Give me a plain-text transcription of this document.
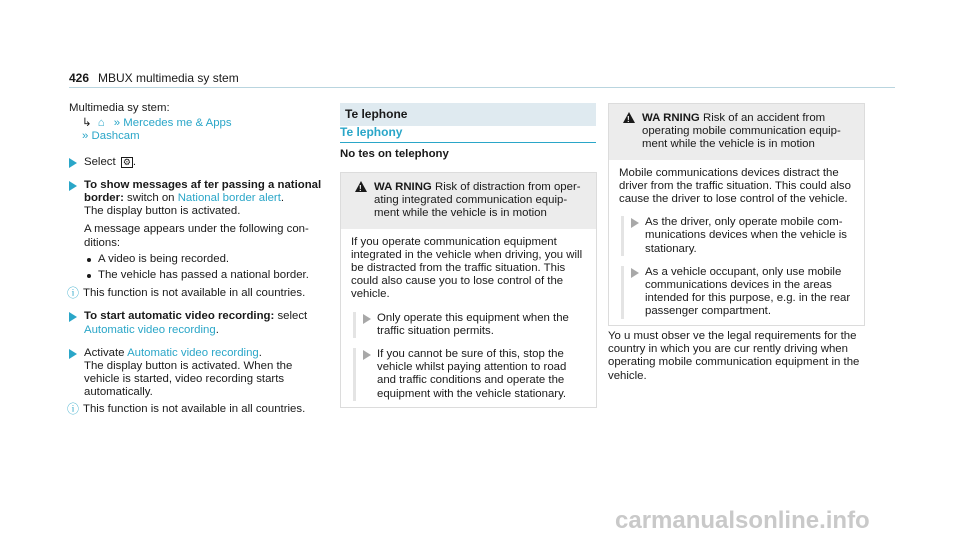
426 MBUX multimedia sy stem
Multimedia sy stem:
↳ ⌂ » Mercedes me & Apps
» Dashcam
Select ⚙ .
To show messages af ter passing a national border: switch on National border alert.
The display button is activated.
A message appears under the following con‐ ditions:
A video is being recorded.
The vehicle has passed a national border.
ⓘ This function is not available in all countries.
To start automatic video recording: select
Automatic video recording.
Activate Automatic video recording.
The display button is activated. When the vehicle is started, video recording starts automatically.
ⓘ This function is not available in all countries.
Te lephone
Te lephony
No tes on telephony
!
WA RNING Risk of distraction from oper‐ ating integrated communication equip‐ ment while the vehicle is in motion
If you operate communication equipment integrated in the vehicle when driving, you will be distracted from the traffic situation. This could also cause you to lose control of the vehicle.
Only operate this equipment when the traffic situation permits.
If you cannot be sure of this, stop the vehicle whilst paying attention to road and traffic conditions and operate the equipment with the vehicle stationary.
!
WA RNING Risk of an accident from operating mobile communication equip‐ ment while the vehicle is in motion
Mobile communications devices distract the driver from the traffic situation. This could also cause the driver to lose control of the vehicle.
As the driver, only operate mobile com‐ munications devices when the vehicle is stationary.
As a vehicle occupant, only use mobile communications devices in the areas intended for this purpose, e.g. in the rear passenger compartment.
Yo u must obser ve the legal requirements for the country in which you are cur rently driving when operating mobile communication equipment in the vehicle.
carmanualsonline.info
